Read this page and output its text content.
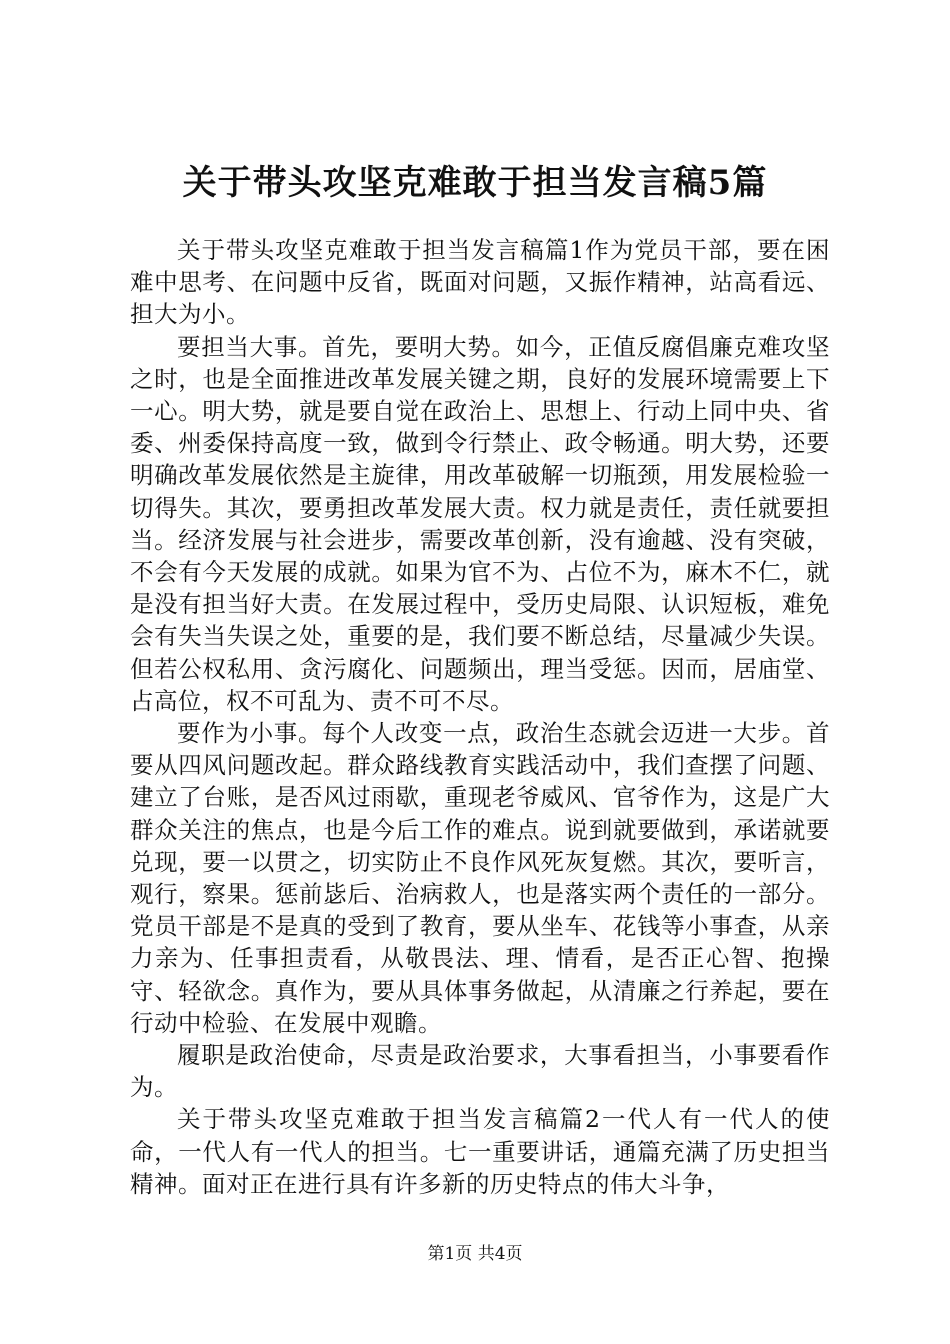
关于带头攻坚克难敢于担当发言稿5篇

关于带头攻坚克难敢于担当发言稿篇1作为党员干部，要在困难中思考、在问题中反省，既面对问题，又振作精神，站高看远、担大为小。

要担当大事。首先，要明大势。如今，正值反腐倡廉克难攻坚之时，也是全面推进改革发展关键之期，良好的发展环境需要上下一心。明大势，就是要自觉在政治上、思想上、行动上同中央、省委、州委保持高度一致，做到令行禁止、政令畅通。明大势，还要明确改革发展依然是主旋律，用改革破解一切瓶颈，用发展检验一切得失。其次，要勇担改革发展大责。权力就是责任，责任就要担当。经济发展与社会进步，需要改革创新，没有逾越、没有突破，不会有今天发展的成就。如果为官不为、占位不为，麻木不仁，就是没有担当好大责。在发展过程中，受历史局限、认识短板，难免会有失当失误之处，重要的是，我们要不断总结，尽量减少失误。但若公权私用、贪污腐化、问题频出，理当受惩。因而，居庙堂、占高位，权不可乱为、责不可不尽。

要作为小事。每个人改变一点，政治生态就会迈进一大步。首要从四风问题改起。群众路线教育实践活动中，我们查摆了问题、建立了台账，是否风过雨歇，重现老爷威风、官爷作为，这是广大群众关注的焦点，也是今后工作的难点。说到就要做到，承诺就要兑现，要一以贯之，切实防止不良作风死灰复燃。其次，要听言，观行，察果。惩前毖后、治病救人，也是落实两个责任的一部分。党员干部是不是真的受到了教育，要从坐车、花钱等小事查，从亲力亲为、任事担责看，从敬畏法、理、情看，是否正心智、抱操守、轻欲念。真作为，要从具体事务做起，从清廉之行养起，要在行动中检验、在发展中观瞻。

履职是政治使命，尽责是政治要求，大事看担当，小事要看作为。

关于带头攻坚克难敢于担当发言稿篇2一代人有一代人的使命，一代人有一代人的担当。七一重要讲话，通篇充满了历史担当精神。面对正在进行具有许多新的历史特点的伟大斗争，

第1页 共4页
